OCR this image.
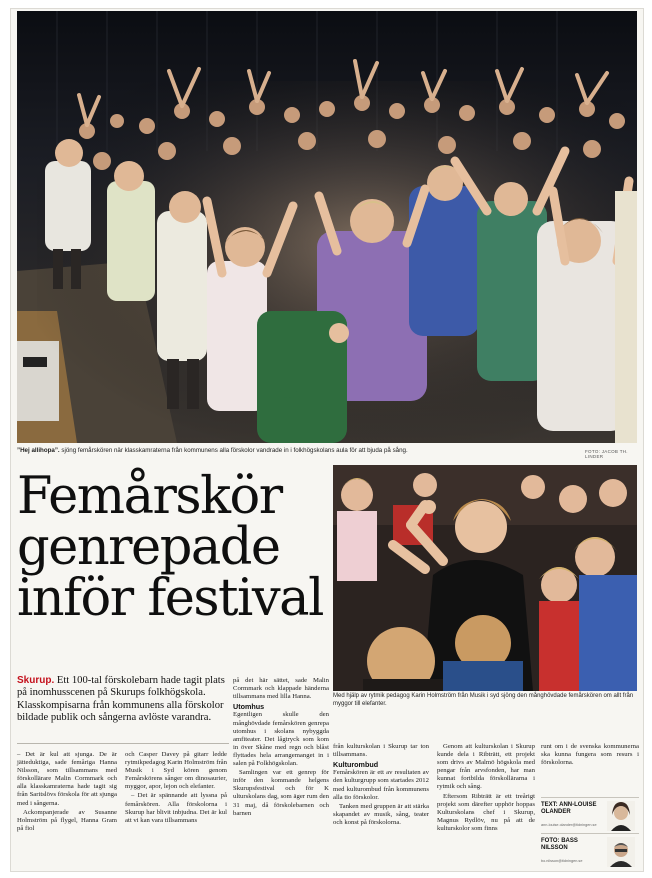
”Hej allihopa”. sjöng femårskören när klasskamraterna från kommunens alla förskolor vandrade in i folkhögskolans aula för att bjuda på sång.	FOTO: JACOB TH. LINDER
Femårskör
genrepade
inför festival
Med hjälp av rytmik pedagog Karin Holmström från Musik i syd sjöng den månghövdade femårskören om allt från myggor till elefanter.
Skurup. Ett 100-tal förskolebarn hade tagit plats på inomhusscenen på Skurups folkhögskola. Klasskompisarna från kommunens alla förskolor bildade publik och sångerna avlöste varandra.

på det här sättet, sade Malin Cormmark och klappade händerna tillsammans med lilla Hanna.

Utomhus

Egentligen skulle den månghövdade femårskören genrepa utomhus i skolans nybyggda amfiteater. Det lågtryck som kom in över Skåne med regn och blåst flyttades hela arrangemanget in i salen på Folkhögskolan.

Samlingen var ett genrep för inför den kommande helgens Skurupsfestival och för K ulturskolans dag, som äger rum den 31 maj, då förskolebarnen och barnen

– Det är kul att sjunga. De är jätteduktiga, sade femåriga Hanna Nilsson, som tillsammans med förskollärare Malin Cormmark och alla klasskamraterna hade tagit sig från Saritslövs förskola för att sjunga med i sångerna.

Ackompanjerade av Susanne Holmström på flygel, Hanna Gram på fiol

och Casper Davey på gitarr ledde rytmikpedagog Karin Holmström från Musik i Syd kören genom Femårskörens sånger om dinosaurier, myggor, apor, lejon och elefanter.

– Det är spännande att lyssna på femårskören. Alla förskolorna i Skurup har blivit inbjudna. Det är kul att vi kan vara tillsammans

från kulturskolan i Skurup tar ton tillsammans.

Kulturombud

Femårskören är ett av resultaten av den kulturgrupp som startades 2012 med kulturombud från kommunens alla tio förskolor.

Tanken med gruppen är att stärka skapandet av musik, sång, teater och konst på förskolorna.

Genom att kulturskolan i Skurup kunde dela i Ribträtt, ett projekt som drivs av Malmö högskola med pengar från arvsfonden, har man kunnat fortbilda förskollärarna i rytmik och sång.

Eftersom Ribträtt är ett treårigt projekt som därefter upphör hoppas Kulturskolans chef i Skurup, Magnus Rydlöv, nu på att de kulturskolor som finns

runt om i de svenska kommunerna ska kunna fungera som resurs i förskolorna.

TEXT: ANN-LOUISE OLANDER
ann-louise.olander@tidningen.se
FOTO: BASS NILSSON
bo.nilsson@tidningen.se
